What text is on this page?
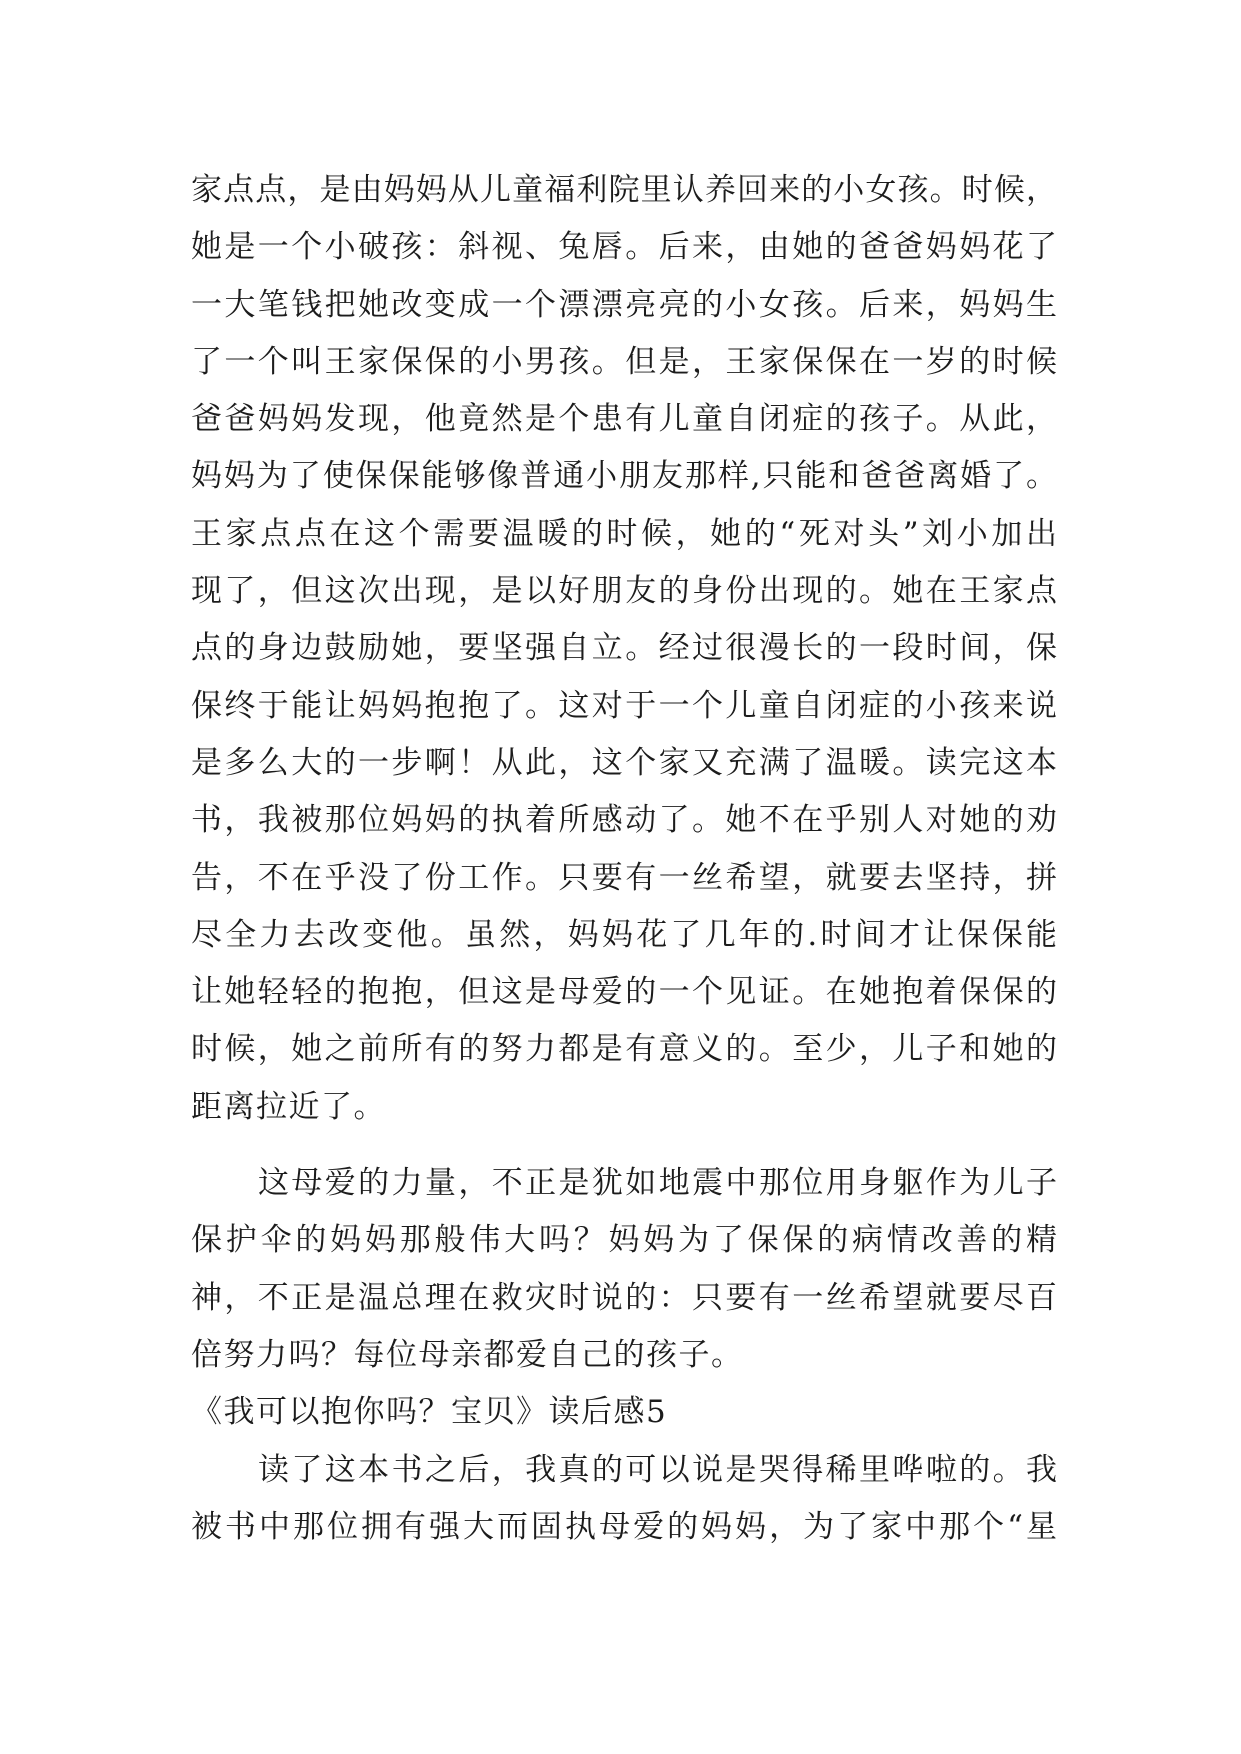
家点点，是由妈妈从儿童福利院里认养回来的小女孩。时候，
她是一个小破孩：斜视、兔唇。后来，由她的爸爸妈妈花了
一大笔钱把她改变成一个漂漂亮亮的小女孩。后来，妈妈生
了一个叫王家保保的小男孩。但是，王家保保在一岁的时候
爸爸妈妈发现，他竟然是个患有儿童自闭症的孩子。从此，
妈妈为了使保保能够像普通小朋友那样,只能和爸爸离婚了。
王家点点在这个需要温暖的时候，她的“死对头”刘小加出
现了，但这次出现，是以好朋友的身份出现的。她在王家点
点的身边鼓励她，要坚强自立。经过很漫长的一段时间，保
保终于能让妈妈抱抱了。这对于一个儿童自闭症的小孩来说
是多么大的一步啊！从此，这个家又充满了温暖。读完这本
书，我被那位妈妈的执着所感动了。她不在乎别人对她的劝
告，不在乎没了份工作。只要有一丝希望，就要去坚持，拼
尽全力去改变他。虽然，妈妈花了几年的.时间才让保保能
让她轻轻的抱抱，但这是母爱的一个见证。在她抱着保保的
时候，她之前所有的努力都是有意义的。至少，儿子和她的
距离拉近了。
这母爱的力量，不正是犹如地震中那位用身躯作为儿子
保护伞的妈妈那般伟大吗？妈妈为了保保的病情改善的精
神，不正是温总理在救灾时说的：只要有一丝希望就要尽百
倍努力吗？每位母亲都爱自己的孩子。
《我可以抱你吗？宝贝》读后感5
读了这本书之后，我真的可以说是哭得稀里哗啦的。我
被书中那位拥有强大而固执母爱的妈妈，为了家中那个“星
